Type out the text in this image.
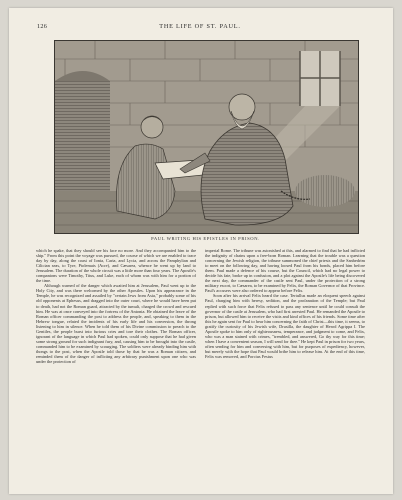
126	THE LIFE OF ST. PAUL.
PAUL WRITING HIS EPISTLES IN PRISON.

which he spake, that they should see his face no more. And they accompanied him to the ship." From this point the voyage was pursued, the course of which we are enabled to trace day by day, along the coast of Ionia, Caria, and Lycia, and across the Pamphylian and Cilician seas, to Tyre, Ptolemais (Acre), and Cæsarea, whence he went up by land to Jerusalem. The duration of the whole circuit was a little more than four years. The Apostle's companions were Timothy, Titus, and Luke, each of whom was with him for a portion of the time.

Although warned of the danger which awaited him at Jerusalem, Paul went up to the Holy City, and was there welcomed by the other Apostles. Upon his appearance in the Temple, he was recognized and assailed by "certain Jews from Asia," probably some of his old opponents at Ephesus, and dragged into the outer court, where he would have been put to death, had not the Roman guard, attracted by the tumult, charged the crowd and rescued him. He was at once conveyed into the fortress of the Antonia. He obtained the leave of the Roman officer commanding the post to address the people, and, speaking to them in the Hebrew tongue, related the incidents of his early life and his conversion, the throng listening to him in silence. When he told them of his Divine commission to preach to the Gentiles, the people burst into furious cries and tore their clothes. The Roman officer, ignorant of the language in which Paul had spoken, could only suppose that he had given some strong ground for such indignant fury, and, causing him to be brought into the castle, commanded him to be examined by scourging. The soldiers were already binding him with thongs to the post, when the Apostle told those by that he was a Roman citizen, and reminded them of the danger of inflicting any arbitrary punishment upon one who was under the protection of

imperial Rome. The tribune was astonished at this, and alarmed to find that he had inflicted the indignity of chains upon a free-born Roman. Learning that the trouble was a question concerning the Jewish religion, the tribune summoned the chief priests and the Sanhedrim to meet on the following day, and having loosed Paul from his bonds, placed him before them. Paul made a defence of his course, but the Council, which had no legal power to decide his fate, broke up in confusion, and a plot against the Apostle's life being discovered the next day, the commander of the castle sent Paul, under the protection of a strong military escort, to Cæsarea, to be examined by Felix, the Roman Governor of that Province. Paul's accusers were also ordered to appear before Felix.

Soon after his arrival Felix heard the case. Tertullus made an eloquent speech against Paul, charging him with heresy, sedition, and the profanation of the Temple; but Paul replied with such force that Felix refused to pass any sentence until he could consult the governor of the castle at Jerusalem, who had first arrested Paul. He remanded the Apostle to prison, but allowed him to receive the visits and kind offices of his friends. Some time after this he again sent for Paul to hear him concerning the faith of Christ—this time, it seems, to gratify the curiosity of his Jewish wife, Drusilla, the daughter of Herod Agrippa I. The Apostle spoke to him only of righteousness, temperance, and judgment to come, and Felix, who was a man stained with crimes, "trembled, and answered, Go thy way for this time; when I have a convenient season, I will send for thee." He kept Paul in prison for two years, often sending for him and conversing with him, but for purposes of expediency, however, but merely with the hope that Paul would bribe him to release him. At the end of this time, Felix was removed, and Porcius Festus
